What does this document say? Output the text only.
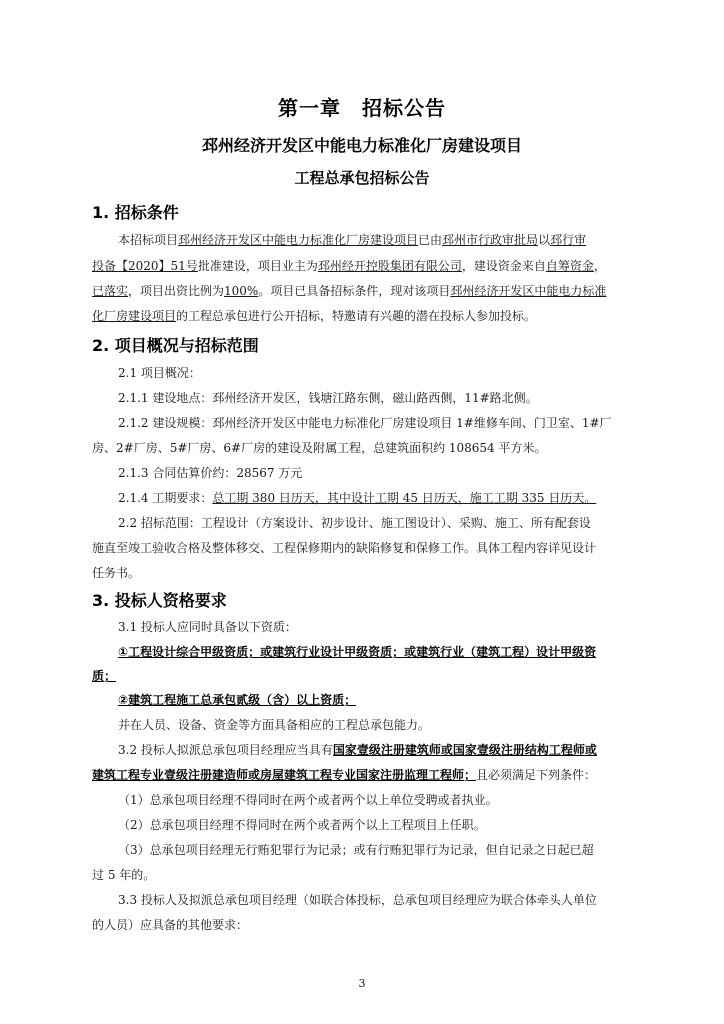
第一章　招标公告
邳州经济开发区中能电力标准化厂房建设项目
工程总承包招标公告
1. 招标条件
本招标项目邳州经济开发区中能电力标准化厂房建设项目已由邳州市行政审批局以邳行审
投备【2020】51号批准建设，项目业主为邳州经开控股集团有限公司，建设资金来自自筹资金，
已落实，项目出资比例为100%。项目已具备招标条件，现对该项目邳州经济开发区中能电力标准
化厂房建设项目的工程总承包进行公开招标，特邀请有兴趣的潜在投标人参加投标。
2. 项目概况与招标范围
2.1 项目概况：
2.1.1 建设地点：邳州经济开发区，钱塘江路东侧，磁山路西侧，11#路北侧。
2.1.2 建设规模：邳州经济开发区中能电力标准化厂房建设项目 1#维修车间、门卫室、1#厂
房、2#厂房、5#厂房、6#厂房的建设及附属工程，总建筑面积约 108654 平方米。
2.1.3 合同估算价约：28567 万元
2.1.4 工期要求：总工期 380 日历天，其中设计工期 45 日历天，施工工期 335 日历天。
2.2 招标范围：工程设计（方案设计、初步设计、施工图设计）、采购、施工、所有配套设
施直至竣工验收合格及整体移交、工程保修期内的缺陷修复和保修工作。具体工程内容详见设计
任务书。
3. 投标人资格要求
3.1 投标人应同时具备以下资质：
①工程设计综合甲级资质；或建筑行业设计甲级资质；或建筑行业（建筑工程）设计甲级资
质；
②建筑工程施工总承包贰级（含）以上资质；
并在人员、设备、资金等方面具备相应的工程总承包能力。
3.2 投标人拟派总承包项目经理应当具有国家壹级注册建筑师或国家壹级注册结构工程师或
建筑工程专业壹级注册建造师或房屋建筑工程专业国家注册监理工程师；且必须满足下列条件：
（1）总承包项目经理不得同时在两个或者两个以上单位受聘或者执业。
（2）总承包项目经理不得同时在两个或者两个以上工程项目上任职。
（3）总承包项目经理无行贿犯罪行为记录；或有行贿犯罪行为记录，但自记录之日起已超
过 5 年的。
3.3 投标人及拟派总承包项目经理（如联合体投标，总承包项目经理应为联合体牵头人单位
的人员）应具备的其他要求：
3
